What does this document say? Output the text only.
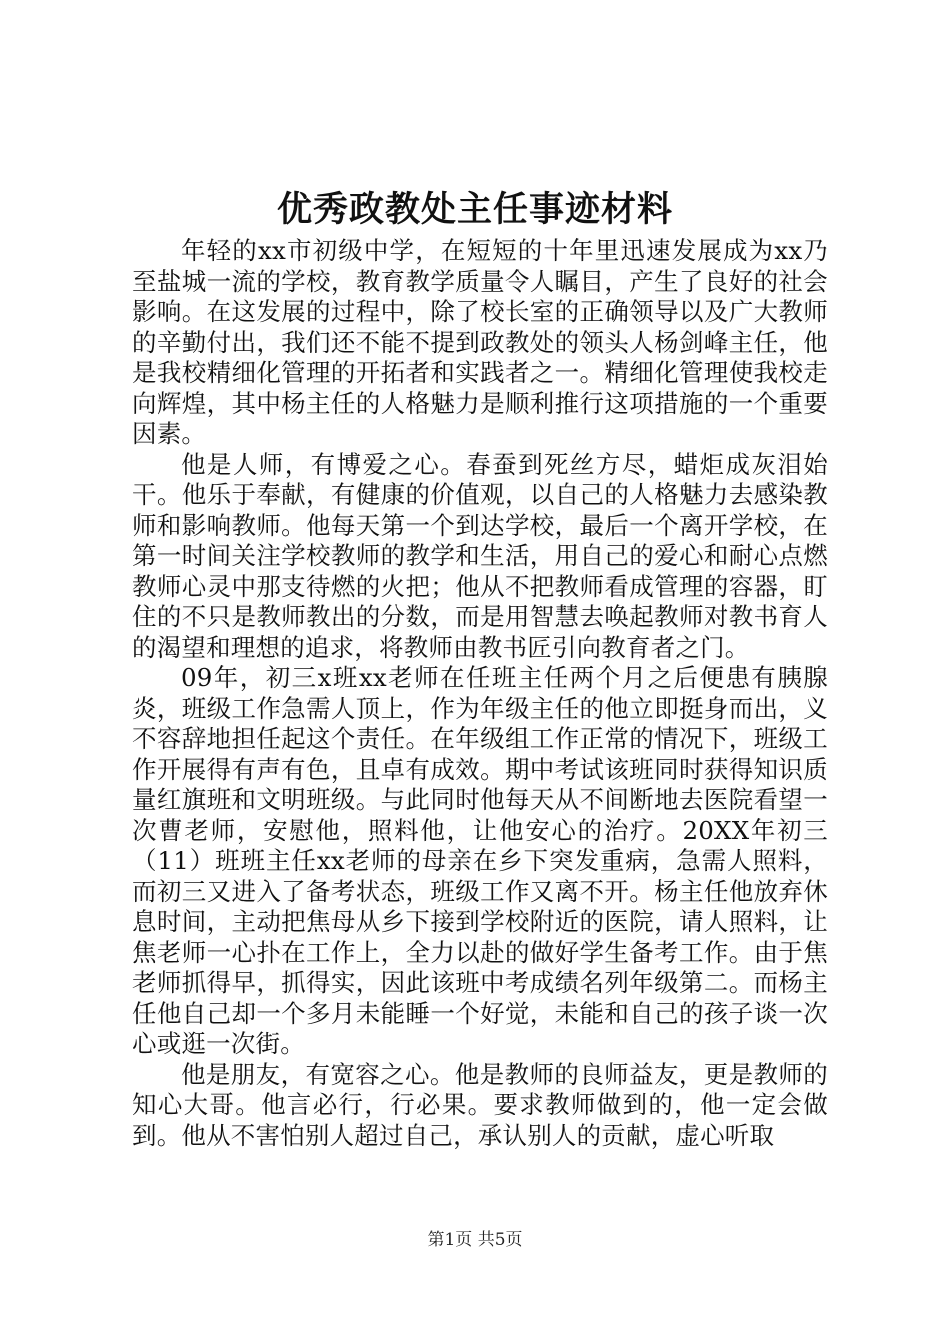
优秀政教处主任事迹材料

年轻的xx市初级中学，在短短的十年里迅速发展成为xx乃至盐城一流的学校，教育教学质量令人瞩目，产生了良好的社会影响。在这发展的过程中，除了校长室的正确领导以及广大教师的辛勤付出，我们还不能不提到政教处的领头人杨剑峰主任，他是我校精细化管理的开拓者和实践者之一。精细化管理使我校走向辉煌，其中杨主任的人格魅力是顺利推行这项措施的一个重要因素。

他是人师，有博爱之心。春蚕到死丝方尽，蜡炬成灰泪始干。他乐于奉献，有健康的价值观，以自己的人格魅力去感染教师和影响教师。他每天第一个到达学校，最后一个离开学校，在第一时间关注学校教师的教学和生活，用自己的爱心和耐心点燃教师心灵中那支待燃的火把；他从不把教师看成管理的容器，盯住的不只是教师教出的分数，而是用智慧去唤起教师对教书育人的渴望和理想的追求，将教师由教书匠引向教育者之门。

09年，初三x班xx老师在任班主任两个月之后便患有胰腺炎，班级工作急需人顶上，作为年级主任的他立即挺身而出，义不容辞地担任起这个责任。在年级组工作正常的情况下，班级工作开展得有声有色，且卓有成效。期中考试该班同时获得知识质量红旗班和文明班级。与此同时他每天从不间断地去医院看望一次曹老师，安慰他，照料他，让他安心的治疗。20XX年初三（11）班班主任xx老师的母亲在乡下突发重病，急需人照料，而初三又进入了备考状态，班级工作又离不开。杨主任他放弃休息时间，主动把焦母从乡下接到学校附近的医院，请人照料，让焦老师一心扑在工作上，全力以赴的做好学生备考工作。由于焦老师抓得早，抓得实，因此该班中考成绩名列年级第二。而杨主任他自己却一个多月未能睡一个好觉，未能和自己的孩子谈一次心或逛一次街。

他是朋友，有宽容之心。他是教师的良师益友，更是教师的知心大哥。他言必行，行必果。要求教师做到的，他一定会做到。他从不害怕别人超过自己，承认别人的贡献，虚心听取

第1页 共5页
